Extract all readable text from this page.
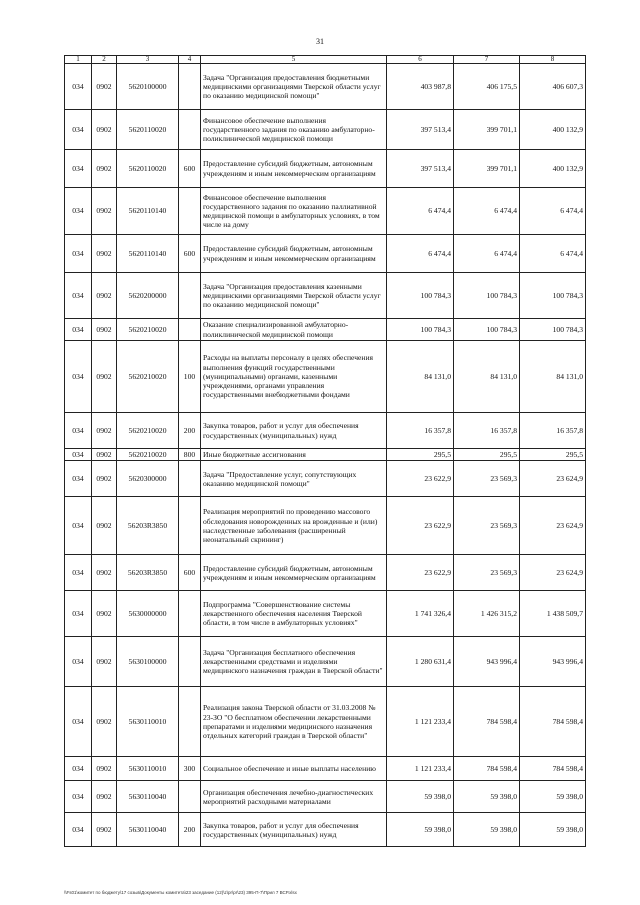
31
1	2	3	4	5	6	7	8
034	0902	5620100000		Задача "Организация предоставления бюджетными медицинскими организациями Тверской области услуг по оказанию медицинской помощи"	403 987,8	406 175,5	406 607,3
034	0902	5620110020		Финансовое обеспечение выполнения государственного задания по оказанию амбулаторно-поликлинической медицинской помощи	397 513,4	399 701,1	400 132,9
034	0902	5620110020	600	Предоставление субсидий бюджетным, автономным учреждениям и иным некоммерческим организациям	397 513,4	399 701,1	400 132,9
034	0902	5620110140		Финансовое обеспечение выполнения государственного задания по оказанию паллиативной медицинской помощи в амбулаторных условиях, в том числе на дому	6 474,4	6 474,4	6 474,4
034	0902	5620110140	600	Предоставление субсидий бюджетным, автономным учреждениям и иным некоммерческим организациям	6 474,4	6 474,4	6 474,4
034	0902	5620200000		Задача "Организация предоставления казенными медицинскими организациями Тверской области услуг по оказанию медицинской помощи"	100 784,3	100 784,3	100 784,3
034	0902	5620210020		Оказание специализированной амбулаторно-поликлинической медицинской помощи	100 784,3	100 784,3	100 784,3
034	0902	5620210020	100	Расходы на выплаты персоналу в целях обеспечения выполнения функций государственными (муниципальными) органами, казенными учреждениями, органами управления государственными внебюджетными фондами	84 131,0	84 131,0	84 131,0
034	0902	5620210020	200	Закупка товаров, работ и услуг для обеспечения государственных (муниципальных) нужд	16 357,8	16 357,8	16 357,8
034	0902	5620210020	800	Иные бюджетные ассигнования	295,5	295,5	295,5
034	0902	5620300000		Задача "Предоставление услуг, сопутствующих оказанию медицинской помощи"	23 622,9	23 569,3	23 624,9
034	0902	56203R3850		Реализация мероприятий по проведению массового обследования новорожденных на врожденные и (или) наследственные заболевания (расширенный неонатальный скрининг)	23 622,9	23 569,3	23 624,9
034	0902	56203R3850	600	Предоставление субсидий бюджетным, автономным учреждениям и иным некоммерческим организациям	23 622,9	23 569,3	23 624,9
034	0902	5630000000		Подпрограмма "Совершенствование системы лекарственного обеспечения населения Тверской области, в том числе в амбулаторных условиях"	1 741 326,4	1 426 315,2	1 438 509,7
034	0902	5630100000		Задача "Организация бесплатного обеспечения лекарственными средствами и изделиями медицинского назначения граждан в Тверской области"	1 280 631,4	943 996,4	943 996,4
034	0902	5630110010		Реализация закона Тверской области от 31.03.2008 № 23-ЗО "О бесплатном обеспечении лекарственными препаратами и изделиями медицинского назначения отдельных категорий граждан в Тверской области"	1 121 233,4	784 598,4	784 598,4
034	0902	5630110010	300	Социальное обеспечение и иные выплаты населению	1 121 233,4	784 598,4	784 598,4
034	0902	5630110040		Организация обеспечения лечебно-диагностических мероприятий расходными материалами	59 398,0	59 398,0	59 398,0
034	0902	5630110040	200	Закупка товаров, работ и услуг для обеспечения государственных (муниципальных) нужд	59 398,0	59 398,0	59 398,0
\\Fs01\комитет по бюджету\17 созыв\Документы комитета\23 заседание (12)\z\pr\pr\23) 395-П-7\Прил 7 ВСР.xlsx
